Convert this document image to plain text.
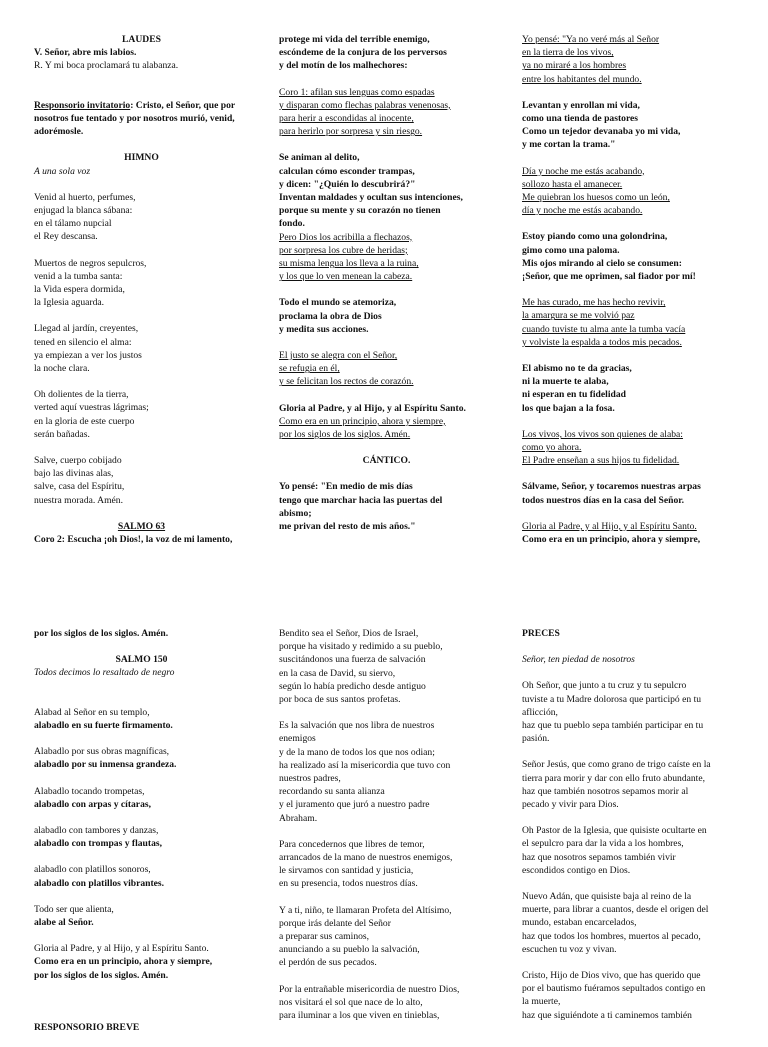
LAUDES
V. Señor, abre mis labios.
R. Y mi boca proclamará tu alabanza.

Responsorio invitatorio: Cristo, el Señor, que por nosotros fue tentado y por nosotros murió, venid, adorémosle.
HIMNO
A una sola voz
Venid al huerto, perfumes,
enjugad la blanca sábana:
en el tálamo nupcial
el Rey descansa.
Muertos de negros sepulcros,
venid a la tumba santa:
la Vida espera dormida,
la Iglesia aguarda.
Llegad al jardín, creyentes,
tened en silencio el alma:
ya empiezan a ver los justos
la noche clara.
Oh dolientes de la tierra,
verted aquí vuestras lágrimas;
en la gloria de este cuerpo
serán bañadas.
Salve, cuerpo cobijado
bajo las divinas alas,
salve, casa del Espíritu,
nuestra morada. Amén.
SALMO 63
Coro 2: Escucha ¡oh Dios!, la voz de mi lamento,
protege mi vida del terrible enemigo,
escóndeme de la conjura de los perversos
y del motín de los malhechores:
Coro 1: afilan sus lenguas como espadas
y disparan como flechas palabras venenosas,
para herir a escondidas al inocente,
para herirlo por sorpresa y sin riesgo.
Se animan al delito,
calculan cómo esconder trampas,
y dicen: "¿Quién lo descubrirá?"
Inventan maldades y ocultan sus intenciones,
porque su mente y su corazón no tienen
fondo.
Pero Dios los acribilla a flechazos,
por sorpresa los cubre de heridas;
su misma lengua los lleva a la ruina,
y los que lo ven menean la cabeza.
Todo el mundo se atemoriza,
proclama la obra de Dios
y medita sus acciones.
El justo se alegra con el Señor,
se refugia en él,
y se felicitan los rectos de corazón.
Gloria al Padre, y al Hijo, y al Espíritu Santo.
Como era en un principio, ahora y siempre,
por los siglos de los siglos. Amén.
CÁNTICO.
Yo pensé: "En medio de mis días
tengo que marchar hacia las puertas del
abismo;
me privan del resto de mis años."
Yo pensé: "Ya no veré más al Señor
en la tierra de los vivos,
ya no miraré a los hombres
entre los habitantes del mundo.
Levantan y enrollan mi vida,
como una tienda de pastores
Como un tejedor devanaba yo mi vida,
y me cortan la trama."
Día y noche me estás acabando,
sollozo hasta el amanecer.
Me quiebran los huesos como un león,
día y noche me estás acabando.
Estoy piando como una golondrina,
gimo como una paloma.
Mis ojos mirando al cielo se consumen:
¡Señor, que me oprimen, sal fiador por mí!
Me has curado, me has hecho revivir,
la amargura se me volvió paz
cuando tuviste tu alma ante la tumba vacía
y volviste la espalda a todos mis pecados.
El abismo no te da gracias,
ni la muerte te alaba,
ni esperan en tu fidelidad
los que bajan a la fosa.
Los vivos, los vivos son quienes de alaba:
como yo ahora.
El Padre enseñan a sus hijos tu fidelidad.
Sálvame, Señor, y tocaremos nuestras arpas
todos nuestros días en la casa del Señor.
Gloria al Padre, y al Hijo, y al Espíritu Santo.
Como era en un principio, ahora y siempre,
por los siglos de los siglos. Amén.
SALMO 150
Todos decimos lo resaltado de negro

Alabad al Señor en su templo,
alabadlo en su fuerte firmamento.
Alabadlo por sus obras magníficas,
alabadlo por su inmensa grandeza.
Alabadlo tocando trompetas,
alabadlo con arpas y cítaras,
alabadlo con tambores y danzas,
alabadlo con trompas y flautas,
alabadlo con platillos sonoros,
alabadlo con platillos vibrantes.
Todo ser que alienta,
alabe al Señor.
Gloria al Padre, y al Hijo, y al Espíritu Santo.
Como era en un principio, ahora y siempre,
por los siglos de los siglos. Amén.

RESPONSORIO BREVE
Bendito sea el Señor, Dios de Israel,
porque ha visitado y redimido a su pueblo,
suscitándonos una fuerza de salvación
en la casa de David, su siervo,
según lo había predicho desde antiguo
por boca de sus santos profetas.
Es la salvación que nos libra de nuestros
enemigos
y de la mano de todos los que nos odian;
ha realizado así la misericordia que tuvo con
nuestros padres,
recordando su santa alianza
y el juramento que juró a nuestro padre
Abraham.
Para concedernos que libres de temor,
arrancados de la mano de nuestros enemigos,
le sirvamos con santidad y justicia,
en su presencia, todos nuestros días.
Y a ti, niño, te llamaran Profeta del Altísimo,
porque irás delante del Señor
a preparar sus caminos,
anunciando a su pueblo la salvación,
el perdón de sus pecados.
Por la entrañable misericordia de nuestro Dios,
nos visitará el sol que nace de lo alto,
para iluminar a los que viven en tinieblas,
PRECES
Señor, ten piedad de nosotros
Oh Señor, que junto a tu cruz y tu sepulcro
tuviste a tu Madre dolorosa que participó en tu
aflicción,
haz que tu pueblo sepa también participar en tu
pasión.
Señor Jesús, que como grano de trigo caíste en la
tierra para morir y dar con ello fruto abundante,
haz que también nosotros sepamos morir al
pecado y vivir para Dios.
Oh Pastor de la Iglesia, que quisiste ocultarte en
el sepulcro para dar la vida a los hombres,
haz que nosotros sepamos también vivir
escondidos contigo en Dios.
Nuevo Adán, que quisiste baja al reino de la
muerte, para librar a cuantos, desde el origen del
mundo, estaban encarcelados,
haz que todos los hombres, muertos al pecado,
escuchen tu voz y vivan.
Cristo, Hijo de Dios vivo, que has querido que
por el bautismo fuéramos sepultados contigo en
la muerte,
haz que siguiéndote a ti caminemos también
